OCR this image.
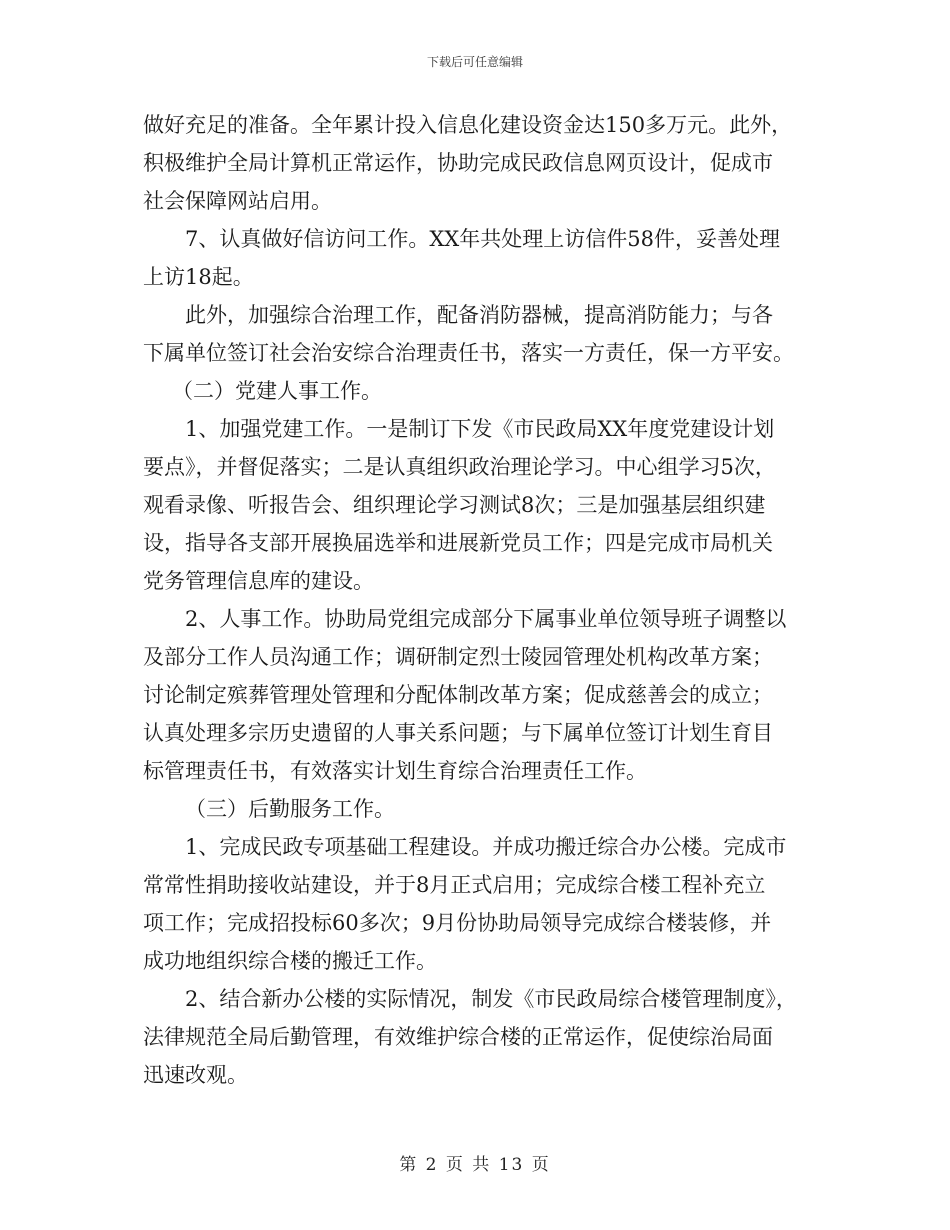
下载后可任意编辑
做好充足的准备。全年累计投入信息化建设资金达150多万元。此外，
积极维护全局计算机正常运作，协助完成民政信息网页设计，促成市
社会保障网站启用。
7、认真做好信访问工作。XX年共处理上访信件58件，妥善处理
上访18起。
此外，加强综合治理工作，配备消防器械，提高消防能力；与各
下属单位签订社会治安综合治理责任书，落实一方责任，保一方平安。
（二）党建人事工作。
1、加强党建工作。一是制订下发《市民政局XX年度党建设计划
要点》，并督促落实；二是认真组织政治理论学习。中心组学习5次，
观看录像、听报告会、组织理论学习测试8次；三是加强基层组织建
设，指导各支部开展换届选举和进展新党员工作；四是完成市局机关
党务管理信息库的建设。
2、人事工作。协助局党组完成部分下属事业单位领导班子调整以
及部分工作人员沟通工作；调研制定烈士陵园管理处机构改革方案；
讨论制定殡葬管理处管理和分配体制改革方案；促成慈善会的成立；
认真处理多宗历史遗留的人事关系问题；与下属单位签订计划生育目
标管理责任书，有效落实计划生育综合治理责任工作。
（三）后勤服务工作。
1、完成民政专项基础工程建设。并成功搬迁综合办公楼。完成市
常常性捐助接收站建设，并于8月正式启用；完成综合楼工程补充立
项工作；完成招投标60多次；9月份协助局领导完成综合楼装修，并
成功地组织综合楼的搬迁工作。
2、结合新办公楼的实际情况，制发《市民政局综合楼管理制度》，
法律规范全局后勤管理，有效维护综合楼的正常运作，促使综治局面
迅速改观。
第 2 页 共 13 页
